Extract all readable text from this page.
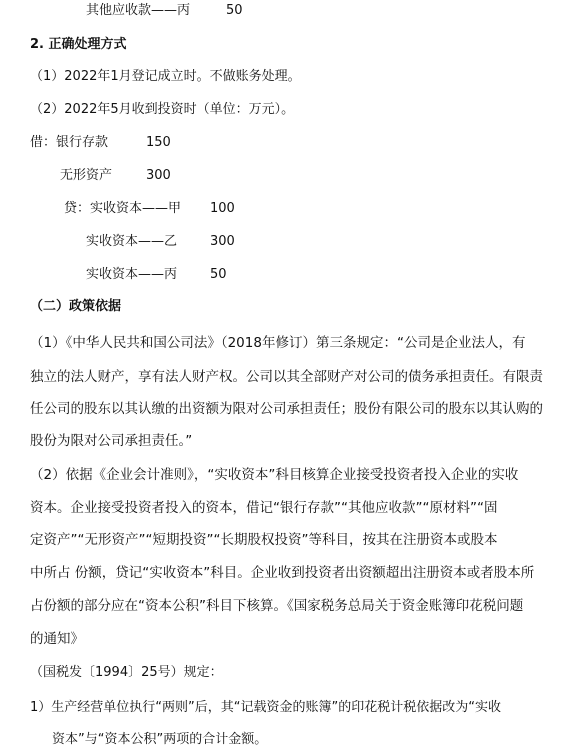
其他应收款——丙	50
2. 正确处理方式
（1）2022年1月登记成立时。不做账务处理。
（2）2022年5月收到投资时（单位：万元）。
借：银行存款	150
无形资产	300
贷：实收资本——甲 100
实收资本——乙	300
实收资本——丙	50
（二）政策依据
（1）《中华人民共和国公司法》（2018年修订）第三条规定：“公司是企业法人，有
独立的法人财产，享有法人财产权。公司以其全部财产对公司的债务承担责任。有限责
任公司的股东以其认缴的出资额为限对公司承担责任；股份有限公司的股东以其认购的
股份为限对公司承担责任。”
（2）依据《企业会计准则》，“实收资本”科目核算企业接受投资者投入企业的实收
资本。企业接受投资者投入的资本，借记“银行存款”“其他应收款”“原材料”“固
定资产”“无形资产”“短期投资”“长期股权投资”等科目，按其在注册资本或股本
中所占 份额，贷记“实收资本”科目。企业收到投资者出资额超出注册资本或者股本所
占份额的部分应在“资本公积”科目下核算。《国家税务总局关于资金账簿印花税问题
的通知》
（国税发〔1994〕25号）规定：
1）生产经营单位执行“两则”后，其“记载资金的账簿”的印花税计税依据改为“实收
资本”与“资本公积”两项的合计金额。
